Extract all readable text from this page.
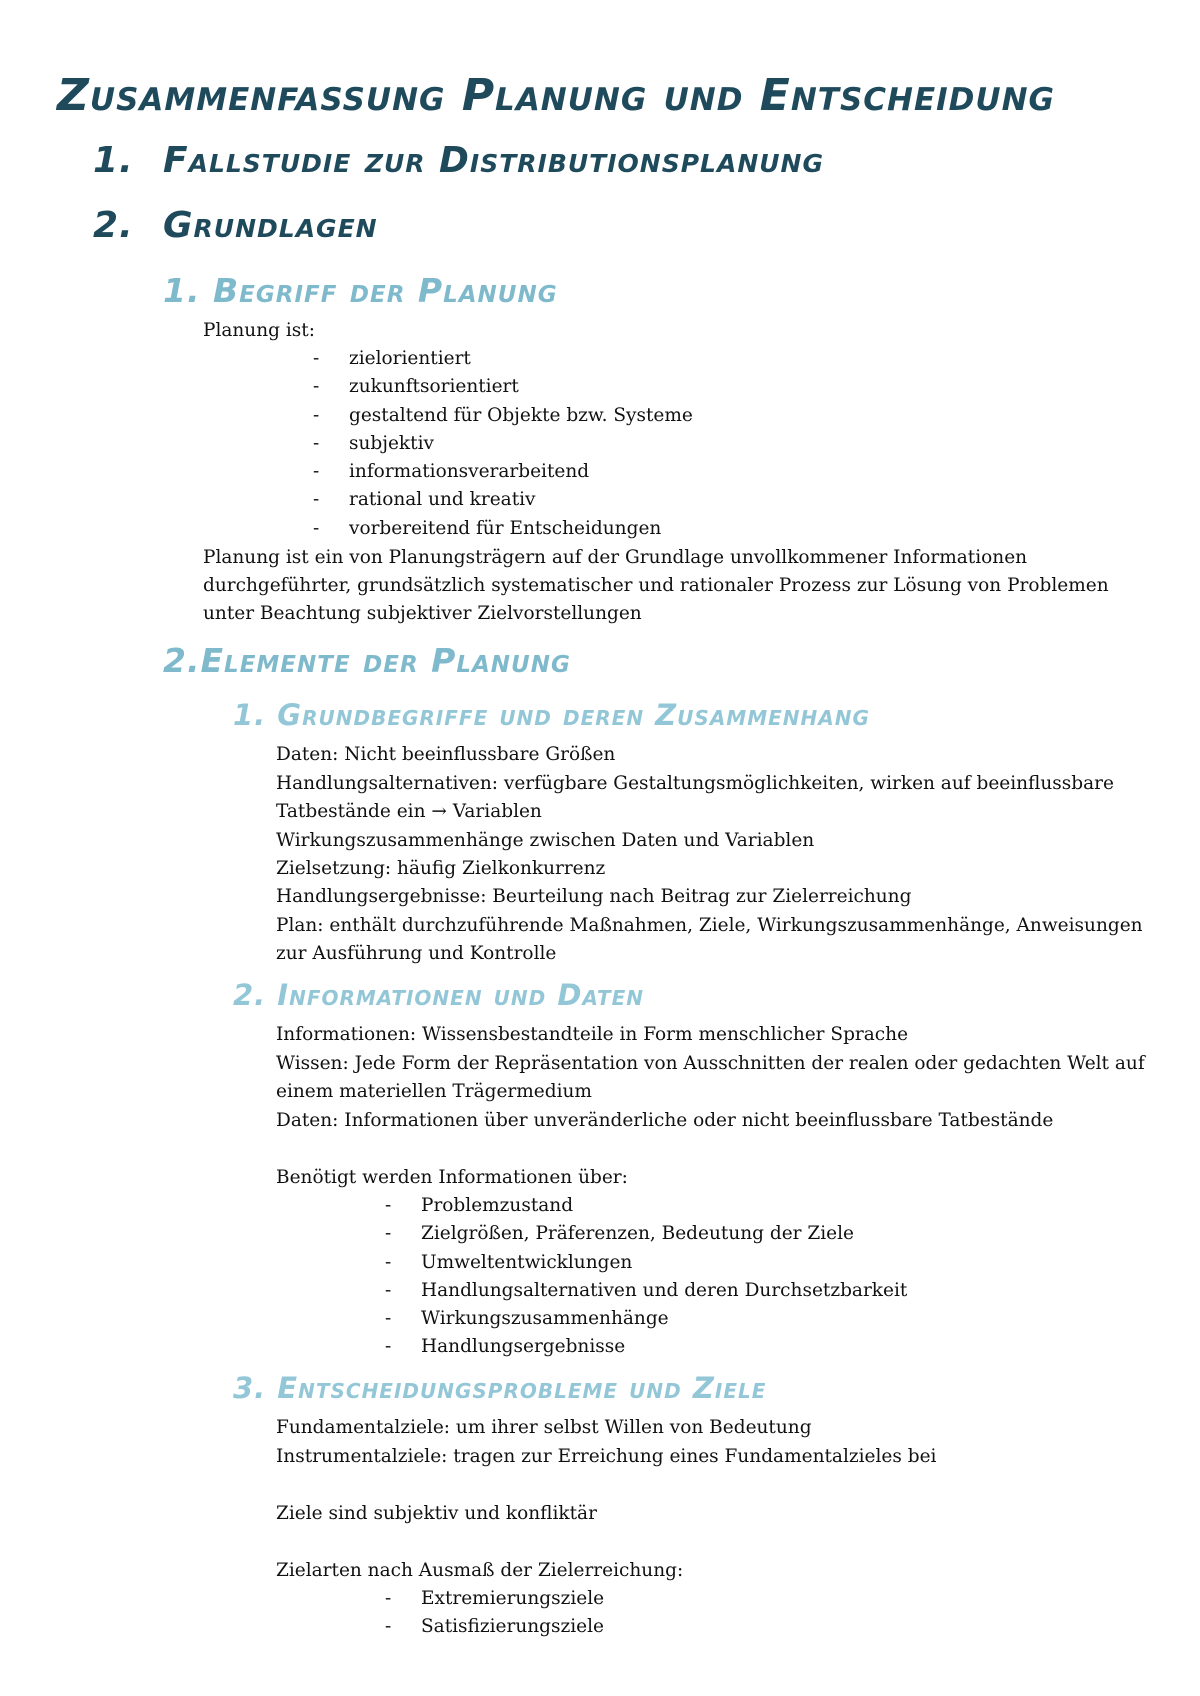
Zusammenfassung Planung und Entscheidung
1. Fallstudie zur Distributionsplanung
2. Grundlagen
1. Begriff der Planung
Planung ist:
- zielorientiert
- zukunftsorientiert
- gestaltend für Objekte bzw. Systeme
- subjektiv
- informationsverarbeitend
- rational und kreativ
- vorbereitend für Entscheidungen
Planung ist ein von Planungsträgern auf der Grundlage unvollkommener Informationen
durchgeführter, grundsätzlich systematischer und rationaler Prozess zur Lösung von Problemen
unter Beachtung subjektiver Zielvorstellungen
2.Elemente der Planung
1. Grundbegriffe und deren Zusammenhang
Daten: Nicht beeinflussbare Größen
Handlungsalternativen: verfügbare Gestaltungsmöglichkeiten, wirken auf beeinflussbare
Tatbestände ein → Variablen
Wirkungszusammenhänge zwischen Daten und Variablen
Zielsetzung: häufig Zielkonkurrenz
Handlungsergebnisse: Beurteilung nach Beitrag zur Zielerreichung
Plan: enthält durchzuführende Maßnahmen, Ziele, Wirkungszusammenhänge, Anweisungen
zur Ausführung und Kontrolle
2. Informationen und Daten
Informationen: Wissensbestandteile in Form menschlicher Sprache
Wissen: Jede Form der Repräsentation von Ausschnitten der realen oder gedachten Welt auf
einem materiellen Trägermedium
Daten: Informationen über unveränderliche oder nicht beeinflussbare Tatbestände
Benötigt werden Informationen über:
- Problemzustand
- Zielgrößen, Präferenzen, Bedeutung der Ziele
- Umweltentwicklungen
- Handlungsalternativen und deren Durchsetzbarkeit
- Wirkungszusammenhänge
- Handlungsergebnisse
3. Entscheidungsprobleme und Ziele
Fundamentalziele: um ihrer selbst Willen von Bedeutung
Instrumentalziele: tragen zur Erreichung eines Fundamentalzieles bei
Ziele sind subjektiv und konfliktär
Zielarten nach Ausmaß der Zielerreichung:
- Extremierungsziele
- Satisfizierungsziele
